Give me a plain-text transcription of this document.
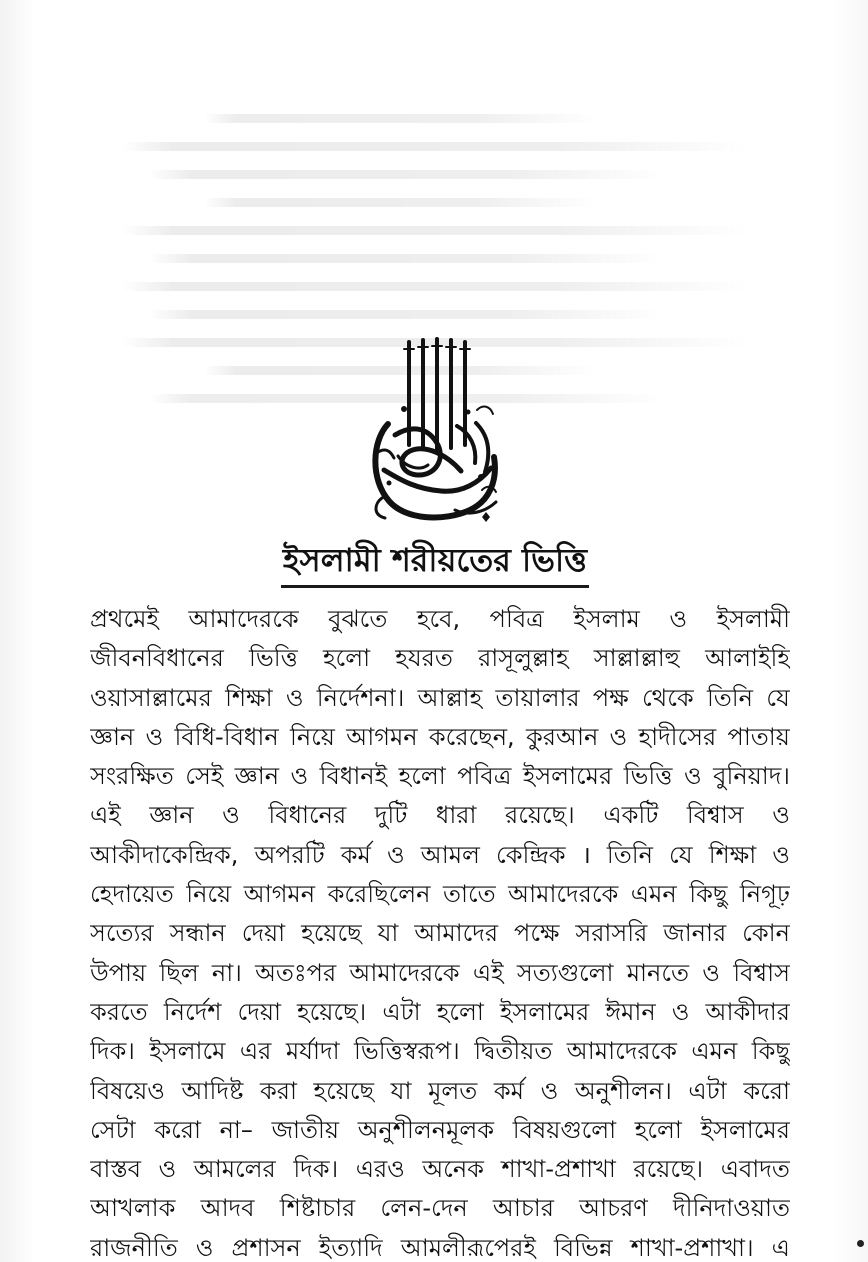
ইসলামী শরীয়তের ভিত্তি
প্রথমেই আমাদেরকে বুঝতে হবে, পবিত্র ইসলাম ও ইসলামী
জীবনবিধানের ভিত্তি হলো হযরত রাসূলুল্লাহ সাল্লাল্লাহু আলাইহি
ওয়াসাল্লামের শিক্ষা ও নির্দেশনা। আল্লাহ তায়ালার পক্ষ থেকে তিনি যে
জ্ঞান ও বিধি-বিধান নিয়ে আগমন করেছেন, কুরআন ও হাদীসের পাতায়
সংরক্ষিত সেই জ্ঞান ও বিধানই হলো পবিত্র ইসলামের ভিত্তি ও বুনিয়াদ।
এই জ্ঞান ও বিধানের দুটি ধারা রয়েছে। একটি বিশ্বাস ও
আকীদাকেন্দ্রিক, অপরটি কর্ম ও আমল কেন্দ্রিক । তিনি যে শিক্ষা ও
হেদায়েত নিয়ে আগমন করেছিলেন তাতে আমাদেরকে এমন কিছু নিগূঢ়
সত্যের সন্ধান দেয়া হয়েছে যা আমাদের পক্ষে সরাসরি জানার কোন
উপায় ছিল না। অতঃপর আমাদেরকে এই সত্যগুলো মানতে ও বিশ্বাস
করতে নির্দেশ দেয়া হয়েছে। এটা হলো ইসলামের ঈমান ও আকীদার
দিক। ইসলামে এর মর্যাদা ভিত্তিস্বরূপ। দ্বিতীয়ত আমাদেরকে এমন কিছু
বিষয়েও আদিষ্ট করা হয়েছে যা মূলত কর্ম ও অনুশীলন। এটা করো
সেটা করো না– জাতীয় অনুশীলনমূলক বিষয়গুলো হলো ইসলামের
বাস্তব ও আমলের দিক। এরও অনেক শাখা-প্রশাখা রয়েছে। এবাদত
আখলাক আদব শিষ্টাচার লেন-দেন আচার আচরণ দীনিদাওয়াত
রাজনীতি ও প্রশাসন ইত্যাদি আমলীরূপেরই বিভিন্ন শাখা-প্রশাখা। এ
